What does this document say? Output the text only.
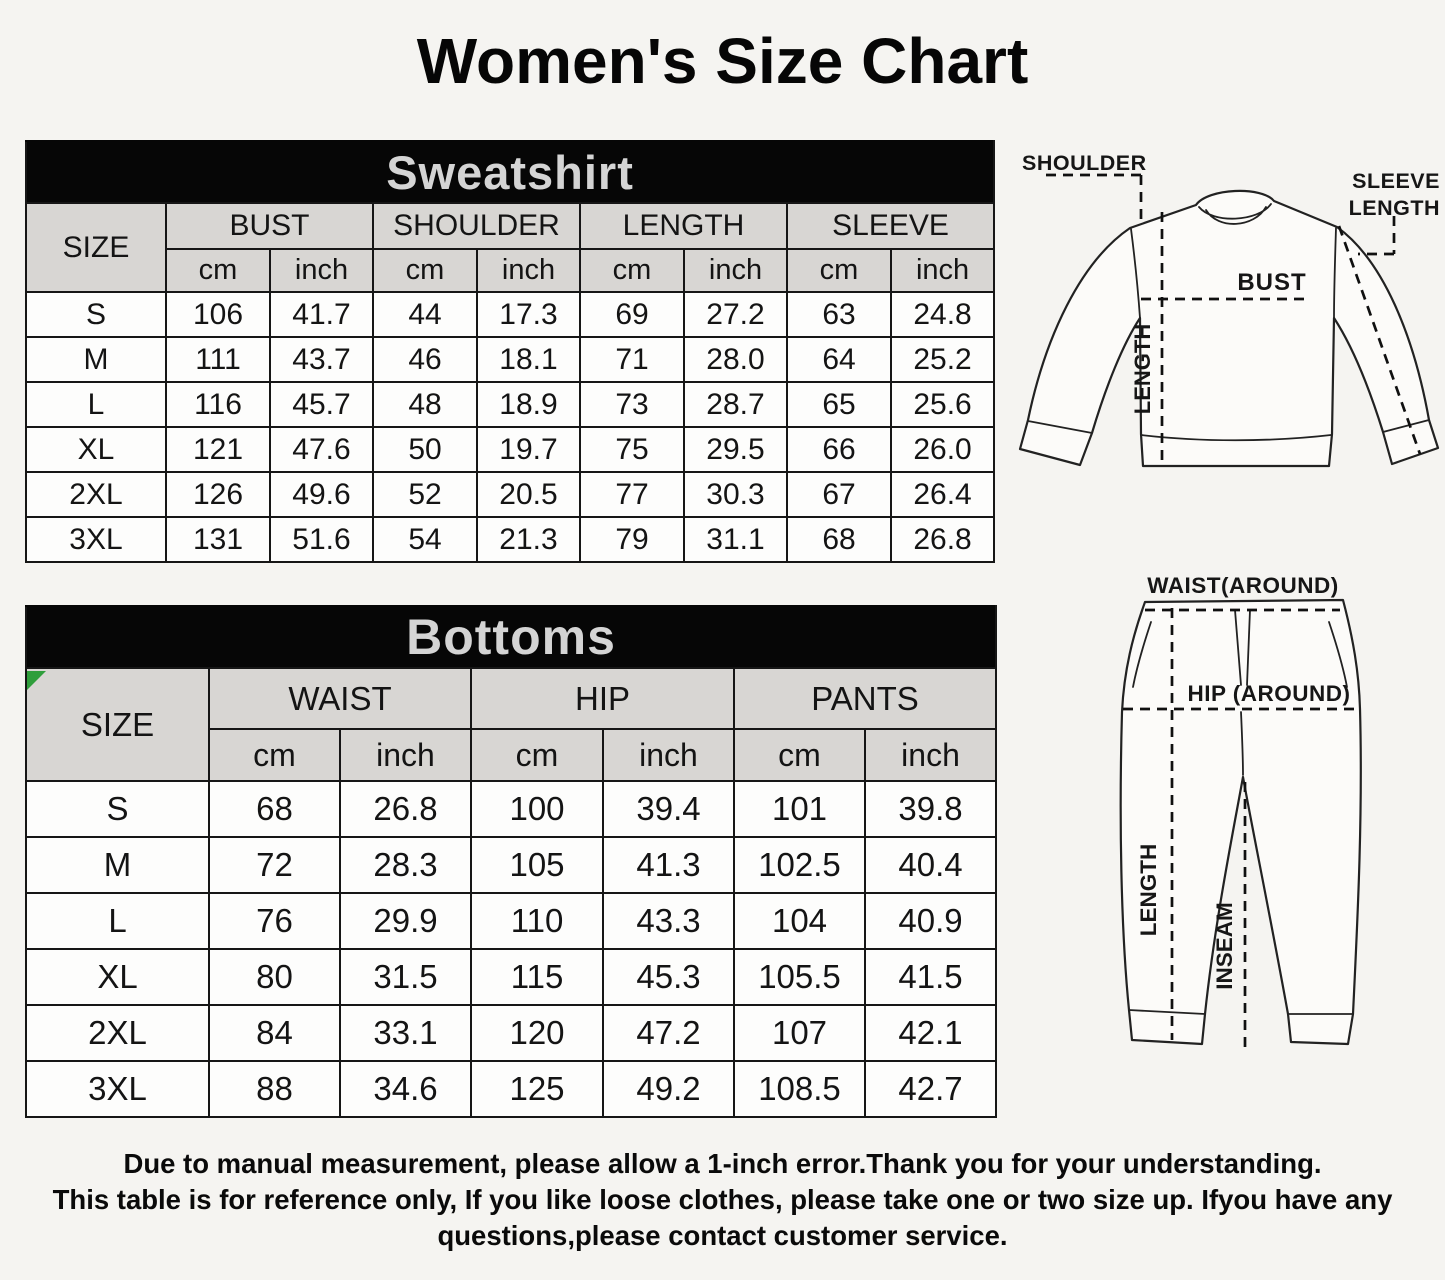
Women's Size Chart
Sweatshirt								
SIZE	BUST		SHOULDER		LENGTH		SLEEVE	
	cm	inch	cm	inch	cm	inch	cm	inch
S	106	41.7	44	17.3	69	27.2	63	24.8
M	111	43.7	46	18.1	71	28.0	64	25.2
L	116	45.7	48	18.9	73	28.7	65	25.6
XL	121	47.6	50	19.7	75	29.5	66	26.0
2XL	126	49.6	52	20.5	77	30.3	67	26.4
3XL	131	51.6	54	21.3	79	31.1	68	26.8
Bottoms						
SIZE	WAIST		HIP		PANTS	
	cm	inch	cm	inch	cm	inch
S	68	26.8	100	39.4	101	39.8
M	72	28.3	105	41.3	102.5	40.4
L	76	29.9	110	43.3	104	40.9
XL	80	31.5	115	45.3	105.5	41.5
2XL	84	33.1	120	47.2	107	42.1
3XL	88	34.6	125	49.2	108.5	42.7
SHOULDER
SLEEVE
LENGTH
BUST
LENGTH
WAIST(AROUND)
HIP (AROUND)
LENGTH
INSEAM
Due to manual measurement, please allow a 1-inch error.Thank you for your understanding.
This table is for reference only, If you like loose clothes, please take one or two size up. Ifyou have any
questions,please contact customer service.
